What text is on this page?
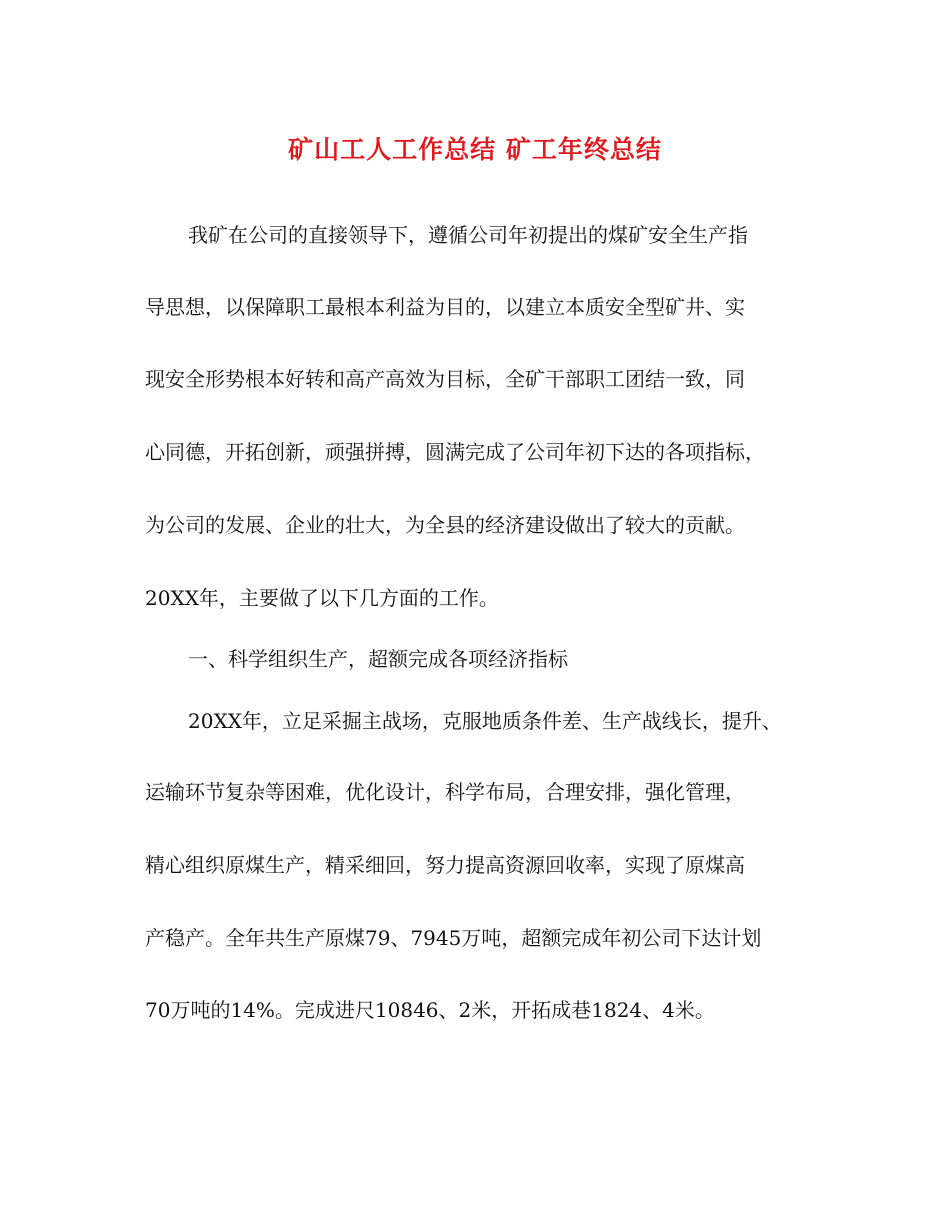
矿山工人工作总结 矿工年终总结
我矿在公司的直接领导下，遵循公司年初提出的煤矿安全生产指
导思想，以保障职工最根本利益为目的，以建立本质安全型矿井、实
现安全形势根本好转和高产高效为目标，全矿干部职工团结一致，同
心同德，开拓创新，顽强拼搏，圆满完成了公司年初下达的各项指标，
为公司的发展、企业的壮大，为全县的经济建设做出了较大的贡献。
20XX年，主要做了以下几方面的工作。
一、科学组织生产，超额完成各项经济指标
20XX年，立足采掘主战场，克服地质条件差、生产战线长，提升、
运输环节复杂等困难，优化设计，科学布局，合理安排，强化管理，
精心组织原煤生产，精采细回，努力提高资源回收率，实现了原煤高
产稳产。全年共生产原煤79、7945万吨，超额完成年初公司下达计划
70万吨的14%。完成进尺10846、2米，开拓成巷1824、4米。
